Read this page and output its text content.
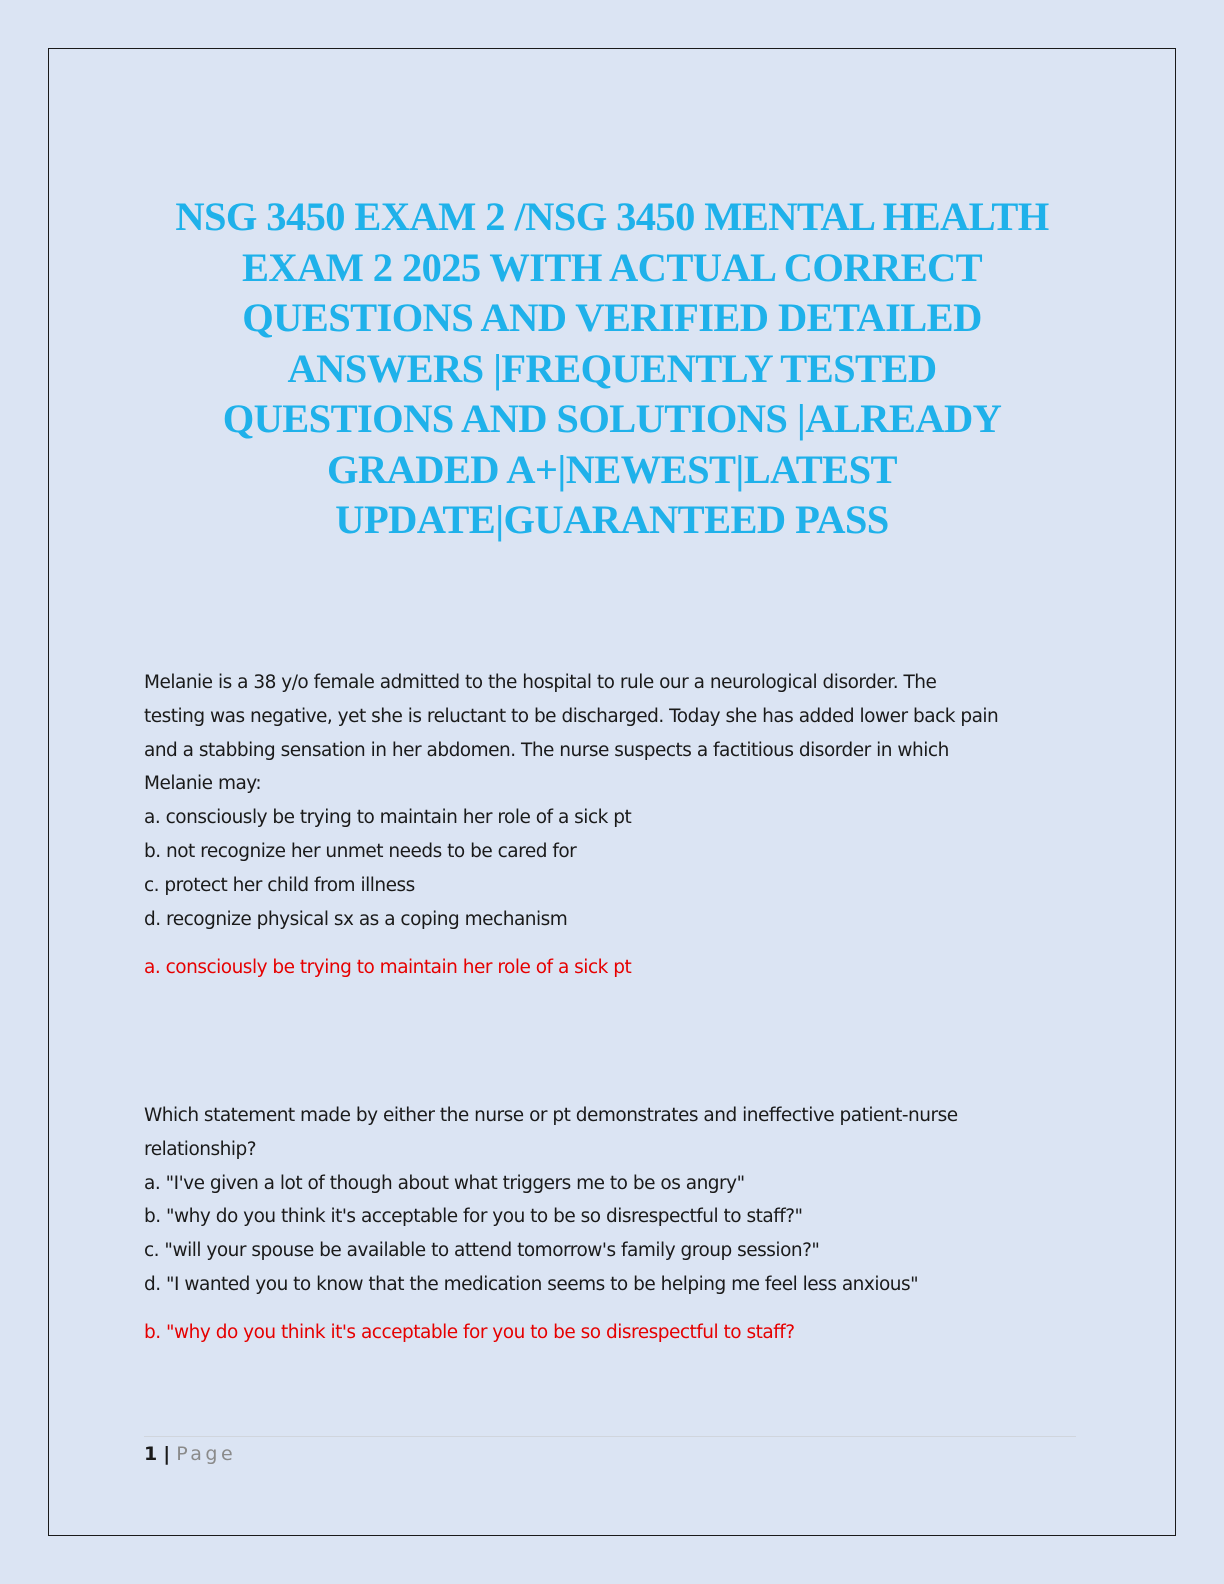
NSG 3450 EXAM 2 /NSG 3450 MENTAL HEALTH
EXAM 2 2025 WITH ACTUAL CORRECT
QUESTIONS AND VERIFIED DETAILED
ANSWERS |FREQUENTLY TESTED
QUESTIONS AND SOLUTIONS |ALREADY
GRADED A+|NEWEST|LATEST
UPDATE|GUARANTEED PASS
Melanie is a 38 y/o female admitted to the hospital to rule our a neurological disorder. The
testing was negative, yet she is reluctant to be discharged. Today she has added lower back pain
and a stabbing sensation in her abdomen. The nurse suspects a factitious disorder in which
Melanie may:
a. consciously be trying to maintain her role of a sick pt
b. not recognize her unmet needs to be cared for
c. protect her child from illness
d. recognize physical sx as a coping mechanism
a. consciously be trying to maintain her role of a sick pt
Which statement made by either the nurse or pt demonstrates and ineffective patient-nurse
relationship?
a. "I've given a lot of though about what triggers me to be os angry"
b. "why do you think it's acceptable for you to be so disrespectful to staff?"
c. "will your spouse be available to attend tomorrow's family group session?"
d. "I wanted you to know that the medication seems to be helping me feel less anxious"
b. "why do you think it's acceptable for you to be so disrespectful to staff?
1 | Page
